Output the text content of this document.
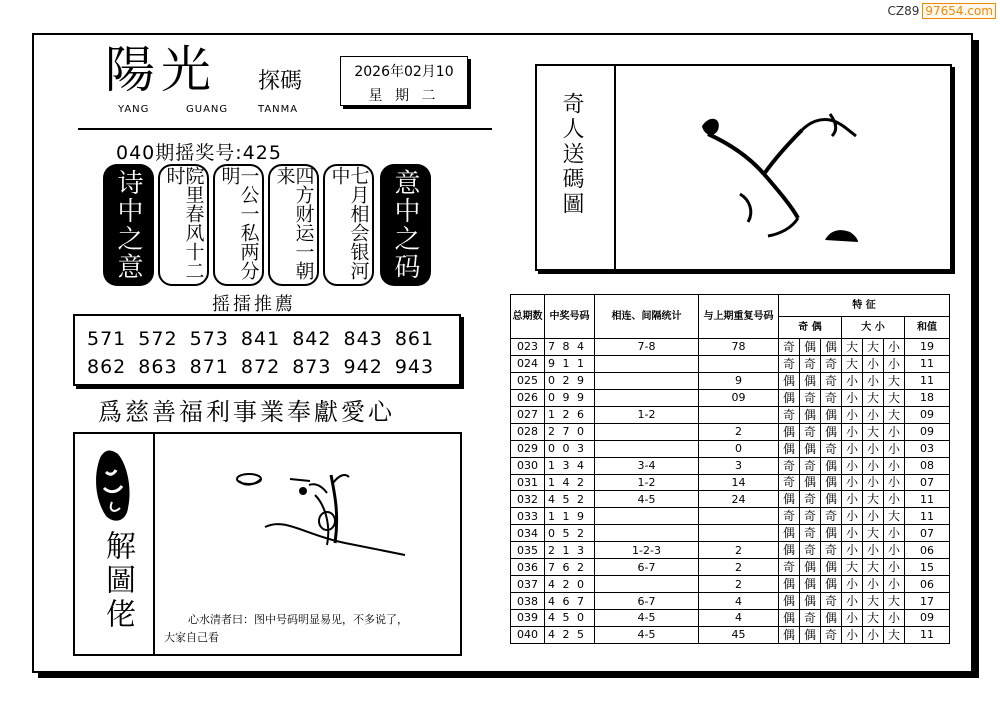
CZ89 97654.com
陽光 探碼
YANG	GUANG	TANMA
2026年02月10
星 期 二
040期摇奖号:425
诗中之意	院里春风十二时	一公一私两分明	四方财运一朝来	七月相会银河中	意中之码
摇擂推薦
571 572 573 841 842 843 861
862 863 871 872 873 942 943
爲慈善福利事業奉獻愛心
解圖佬	心水清者曰：图中号码明显易见，不多说了，
大家自己看
奇人送碼圖
总期数	中奖号码	相连、间隔统计	与上期重复号码	特 征						
				奇 偶			大 小			和值
023	7 8 4	7-8	78	奇	偶	偶	大	大	小	19
024	9 1 1			奇	奇	奇	大	小	小	11
025	0 2 9		9	偶	偶	奇	小	小	大	11
026	0 9 9		09	偶	奇	奇	小	大	大	18
027	1 2 6	1-2		奇	偶	偶	小	小	大	09
028	2 7 0		2	偶	奇	偶	小	大	小	09
029	0 0 3		0	偶	偶	奇	小	小	小	03
030	1 3 4	3-4	3	奇	奇	偶	小	小	小	08
031	1 4 2	1-2	14	奇	偶	偶	小	小	小	07
032	4 5 2	4-5	24	偶	奇	偶	小	大	小	11
033	1 1 9			奇	奇	奇	小	小	大	11
034	0 5 2			偶	奇	偶	小	大	小	07
035	2 1 3	1-2-3	2	偶	奇	奇	小	小	小	06
036	7 6 2	6-7	2	奇	偶	偶	大	大	小	15
037	4 2 0		2	偶	偶	偶	小	小	小	06
038	4 6 7	6-7	4	偶	偶	奇	小	大	大	17
039	4 5 0	4-5	4	偶	奇	偶	小	大	小	09
040	4 2 5	4-5	45	偶	偶	奇	小	小	大	11
